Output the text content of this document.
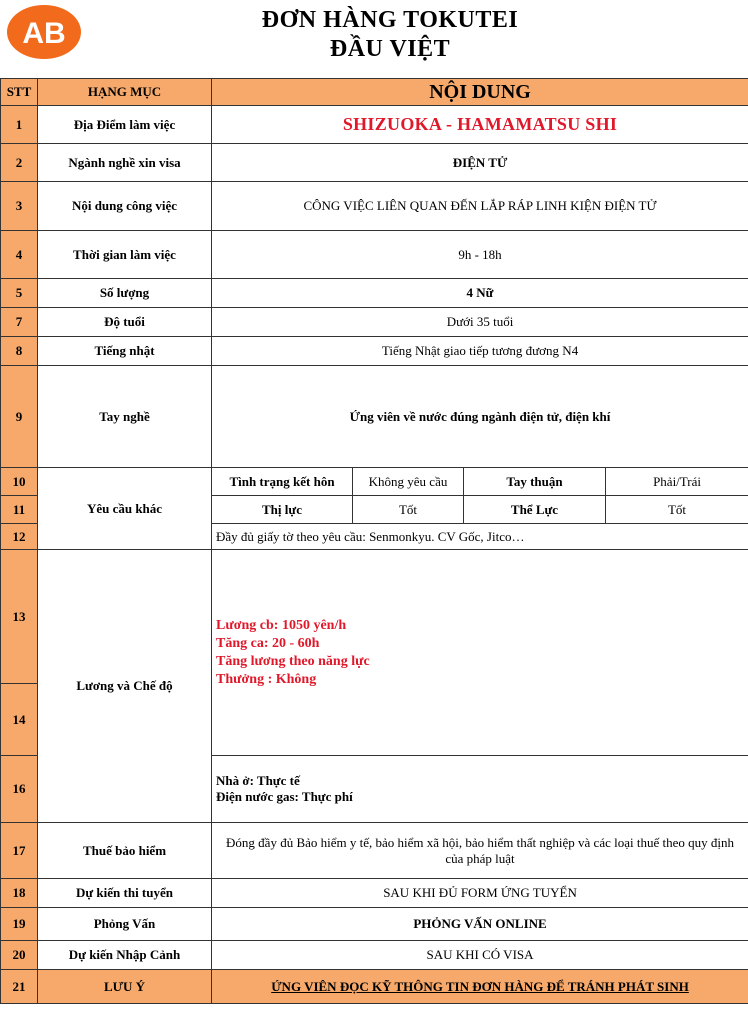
AB	ĐƠN HÀNG TOKUTEI
ĐẦU VIỆT
STT	HẠNG MỤC	NỘI DUNG			
1	Địa Điểm làm việc	SHIZUOKA - HAMAMATSU SHI			
2	Ngành nghề xin visa	ĐIỆN TỬ			
3	Nội dung công việc	CÔNG VIỆC LIÊN QUAN ĐẾN LẮP RÁP LINH KIỆN ĐIỆN TỬ			
4	Thời gian làm việc	9h - 18h			
5	Số lượng	4 Nữ			
7	Độ tuổi	Dưới 35 tuổi			
8	Tiếng nhật	Tiếng Nhật giao tiếp tương đương N4			
9	Tay nghề	Ứng viên về nước đúng ngành điện tử, điện khí			
10	Yêu cầu khác	Tình trạng kết hôn	Không yêu cầu	Tay thuận	Phải/Trái
11		Thị lực	Tốt	Thể Lực	Tốt
12		Đầy đủ giấy tờ theo yêu cầu: Senmonkyu. CV Gốc, Jitco…			
13	Lương và Chế độ	Lương cb: 1050 yên/h
Tăng ca: 20 - 60h
Tăng lương theo năng lực
Thưởng : Không			

14					
16		Nhà ở: Thực tế
Điện nước gas: Thực phí			

17	Thuế bảo hiểm	Đóng đầy đủ Bảo hiểm y tế, bảo hiểm xã hội, bảo hiểm thất nghiệp và các loại thuế theo quy định của pháp luật			
18	Dự kiến thi tuyển	SAU KHI ĐỦ FORM ỨNG TUYỂN			
19	Phỏng Vấn	PHỎNG VẤN ONLINE			
20	Dự kiến Nhập Cảnh	SAU KHI CÓ VISA			
21	LƯU Ý	ỨNG VIÊN ĐỌC KỸ THÔNG TIN ĐƠN HÀNG ĐỂ TRÁNH PHÁT SINH			
